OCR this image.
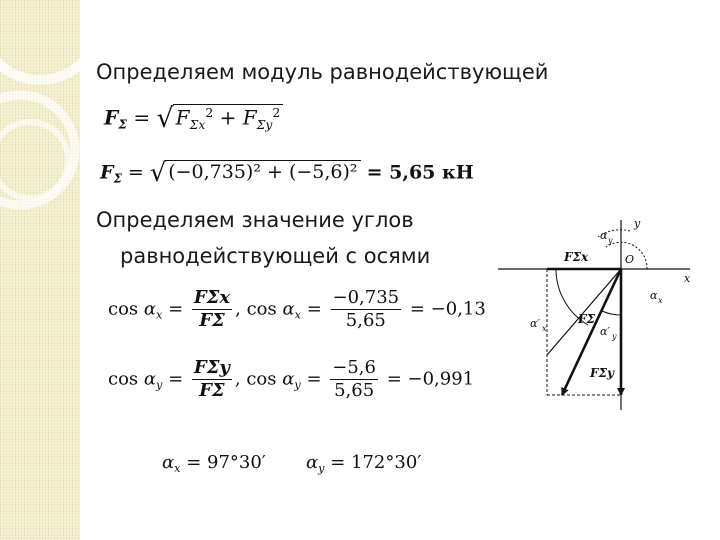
Определяем модуль равнодействующей
$F_\Sigma$ = √ $F_{\Sigma x}^2 + F_{\Sigma y}^2$
$F_\Sigma$ = √ (−0,735)² + (−5,6)² = 5,65 кН
Определяем значение углов
равнодействующей с осями
$\cos \alpha_x = \frac{\text{FΣx}}{F\Sigma}$ , $\cos \alpha_x = \frac{-0,735}{5,65} = -0,13$
$\cos \alpha_y = \frac{\text{FΣy}}{F\Sigma}$ , $\cos \alpha_y = \frac{-5,6}{5,65} = -0,991$
$\alpha_x = 97^\circ 30'$ $\alpha_y = 172^\circ 30'$
y
x
O
α y
α x
α′ x	α′ y
FΣx
FΣ
FΣy
